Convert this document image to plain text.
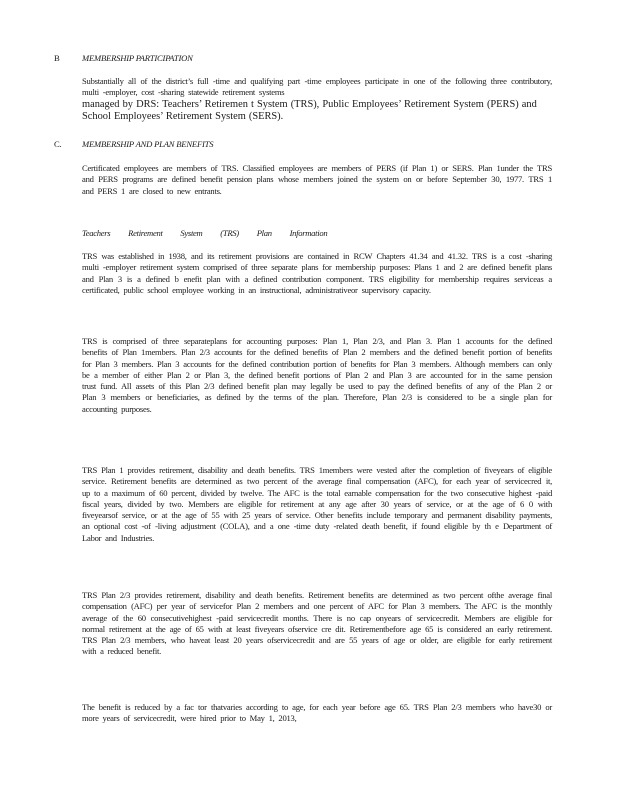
B	MEMBERSHIP PARTICIPATION

Substantially all of the district’s full -time and qualifying part -time employees participate in one of the following three contributory, multi -employer, cost -sharing statewide retirement systems

managed by DRS: Teachers’ Retiremen t System (TRS), Public Employees’ Retirement System (PERS) and School Employees’ Retirement System (SERS).

C. MEMBERSHIP AND PLAN BENEFITS

Certificated employees are members of TRS. Classified employees are members of PERS (if Plan 1) or SERS. Plan 1under the TRS and PERS programs are defined benefit pension plans whose members joined the system on or before September 30, 1977. TRS 1 and PERS 1 are closed to new entrants.

Teachers Retirement System (TRS) Plan Information

TRS was established in 1938, and its retirement provisions are contained in RCW Chapters 41.34 and 41.32. TRS is a cost -sharing multi -employer retirement system comprised of three separate plans for membership purposes: Plans 1 and 2 are defined benefit plans and Plan 3 is a defined b enefit plan with a defined contribution component. TRS eligibility for membership requires serviceas a certificated, public school employee working in an instructional, administrativeor supervisory capacity.

TRS is comprised of three separateplans for accounting purposes: Plan 1, Plan 2/3, and Plan 3. Plan 1 accounts for the defined benefits of Plan 1members. Plan 2/3 accounts for the defined benefits of Plan 2 members and the defined benefit portion of benefits for Plan 3 members. Plan 3 accounts for the defined contribution portion of benefits for Plan 3 members. Although members can only be a member of either Plan 2 or Plan 3, the defined benefit portions of Plan 2 and Plan 3 are accounted for in the same pension trust fund. All assets of this Plan 2/3 defined benefit plan may legally be used to pay the defined benefits of any of the Plan 2 or Plan 3 members or beneficiaries, as defined by the terms of the plan. Therefore, Plan 2/3 is considered to be a single plan for accounting purposes.

TRS Plan 1 provides retirement, disability and death benefits. TRS 1members were vested after the completion of fiveyears of eligible service. Retirement benefits are determined as two percent of the average final compensation (AFC), for each year of servicecred it, up to a maximum of 60 percent, divided by twelve. The AFC is the total earnable compensation for the two consecutive highest -paid fiscal years, divided by two. Members are eligible for retirement at any age after 30 years of service, or at the age of 6 0 with fiveyearsof service, or at the age of 55 with 25 years of service. Other benefits include temporary and permanent disability payments, an optional cost -of -living adjustment (COLA), and a one -time duty -related death benefit, if found eligible by th e Department of Labor and Industries.

TRS Plan 2/3 provides retirement, disability and death benefits. Retirement benefits are determined as two percent ofthe average final compensation (AFC) per year of servicefor Plan 2 members and one percent of AFC for Plan 3 members. The AFC is the monthly average of the 60 consecutivehighest -paid servicecredit months. There is no cap onyears of servicecredit. Members are eligible for normal retirement at the age of 65 with at least fiveyears ofservice cre dit. Retirementbefore age 65 is considered an early retirement. TRS Plan 2/3 members, who haveat least 20 years ofservicecredit and are 55 years of age or older, are eligible for early retirement with a reduced benefit.

The benefit is reduced by a fac tor thatvaries according to age, for each year before age 65. TRS Plan 2/3 members who have30 or more years of servicecredit, were hired prior to May 1, 2013,
